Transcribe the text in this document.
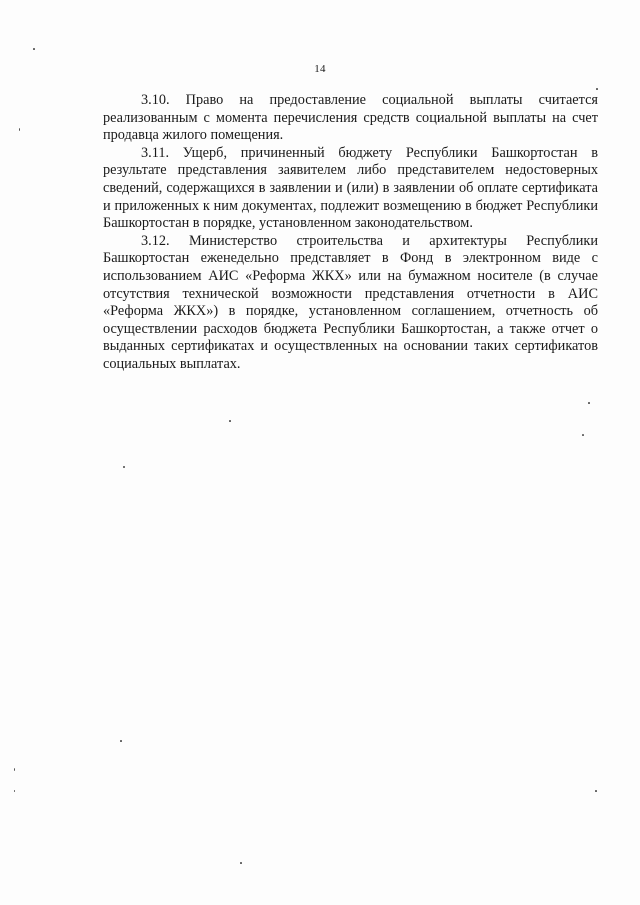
14

3.10. Право на предоставление социальной выплаты считается реализованным с момента перечисления средств социальной выплаты на счет продавца жилого помещения.

3.11. Ущерб, причиненный бюджету Республики Башкортостан в результате представления заявителем либо представителем недостоверных сведений, содержащихся в заявлении и (или) в заявлении об оплате сертификата и приложенных к ним документах, подлежит возмещению в бюджет Республики Башкортостан в порядке, установленном законодательством.

3.12. Министерство строительства и архитектуры Республики Башкортостан еженедельно представляет в Фонд в электронном виде с использованием АИС «Реформа ЖКХ» или на бумажном носителе (в случае отсутствия технической возможности представления отчетности в АИС «Реформа ЖКХ») в порядке, установленном соглашением, отчетность об осуществлении расходов бюджета Республики Башкортостан, а также отчет о выданных сертификатах и осуществленных на основании таких сертификатов социальных выплатах.
